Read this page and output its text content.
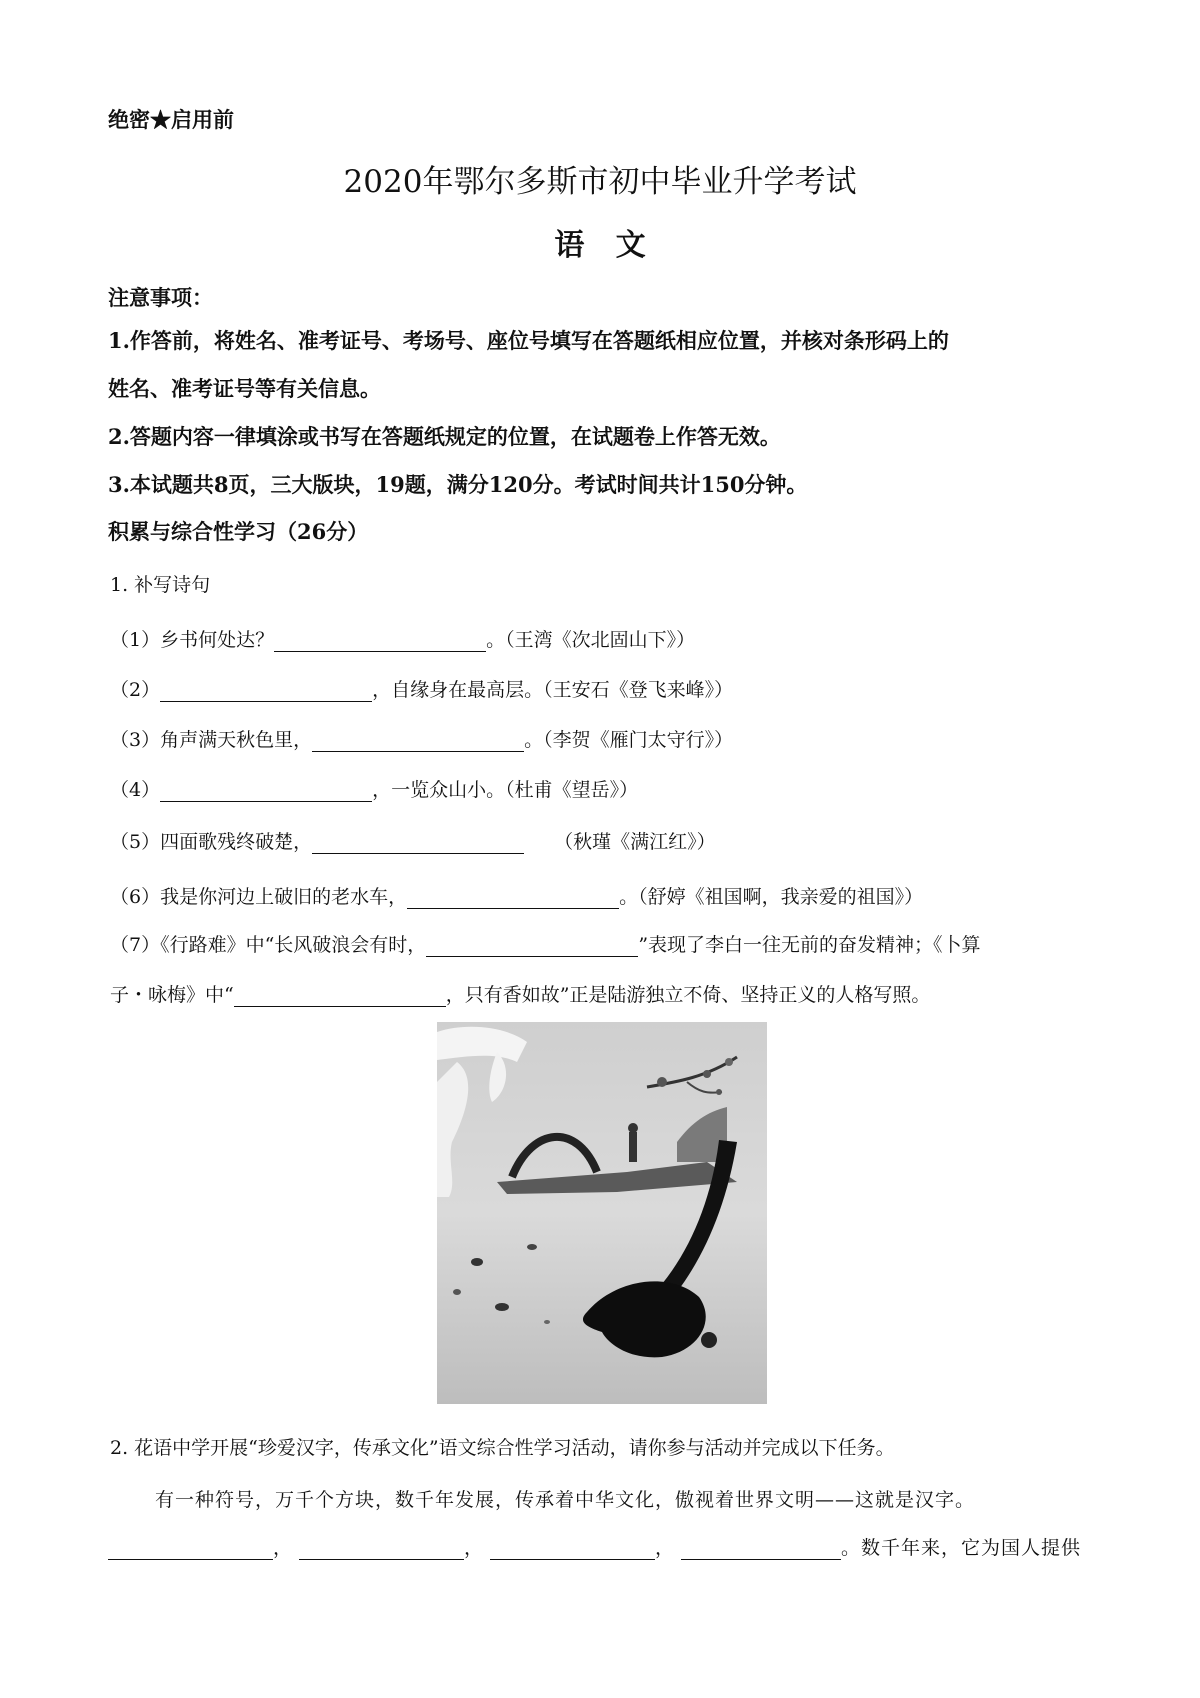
绝密★启用前
2020年鄂尔多斯市初中毕业升学考试
语   文
注意事项：
1.作答前，将姓名、准考证号、考场号、座位号填写在答题纸相应位置，并核对条形码上的
姓名、准考证号等有关信息。
2.答题内容一律填涂或书写在答题纸规定的位置，在试题卷上作答无效。
3.本试题共8页，三大版块，19题，满分120分。考试时间共计150分钟。
积累与综合性学习（26分）
1. 补写诗句
（1）乡书何处达？	。（王湾《次北固山下》）
（2）	，自缘身在最高层。（王安石《登飞来峰》）
（3）角声满天秋色里，	。（李贺《雁门太守行》）
（4）	，一览众山小。（杜甫《望岳》）
（5）四面歌残终破楚，	（秋瑾《满江红》）
（6）我是你河边上破旧的老水车，	。（舒婷《祖国啊，我亲爱的祖国》）
（7）《行路难》中“长风破浪会有时，	”表现了李白一往无前的奋发精神；《卜算
子・咏梅》中“	，只有香如故”正是陆游独立不倚、坚持正义的人格写照。
2. 花语中学开展“珍爱汉字，传承文化”语文综合性学习活动，请你参与活动并完成以下任务。
有一种符号，万千个方块，数千年发展，传承着中华文化，傲视着世界文明——这就是汉字。
，	，	，	。数千年来，它为国人提供
